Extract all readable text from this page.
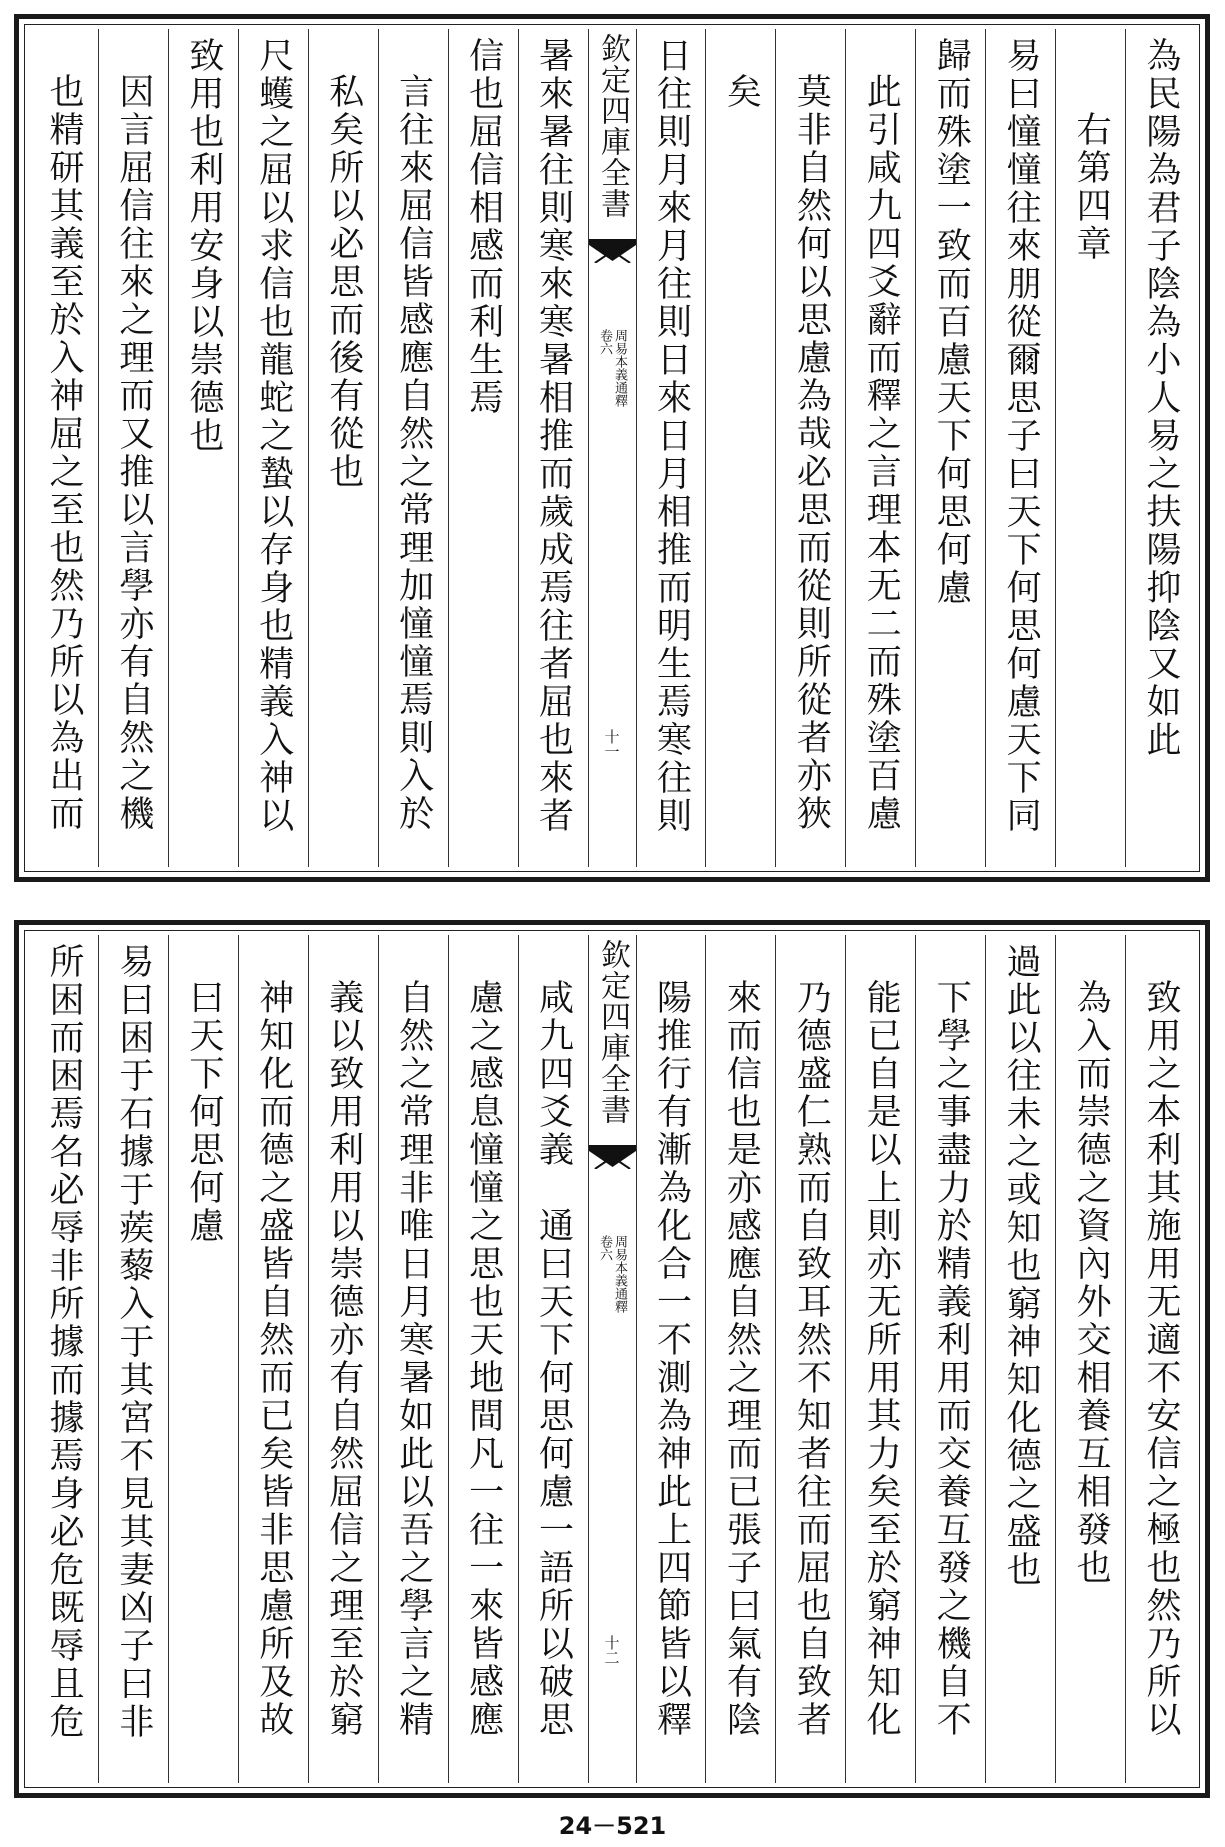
為民陽為君子陰為小人易之扶陽抑陰又如此
右第四章
易曰憧憧往來朋從爾思子曰天下何思何慮天下同
歸而殊塗一致而百慮天下何思何慮
此引咸九四爻辭而釋之言理本无二而殊塗百慮
莫非自然何以思慮為哉必思而從則所從者亦狹
矣
日往則月來月往則日來日月相推而明生焉寒往則
欽定四庫全書
卷六 周易本義通釋
十一
暑來暑往則寒來寒暑相推而歲成焉往者屈也來者
信也屈信相感而利生焉
言往來屈信皆感應自然之常理加憧憧焉則入於
私矣所以必思而後有從也
尺蠖之屈以求信也龍蛇之蟄以存身也精義入神以
致用也利用安身以崇德也
因言屈信往來之理而又推以言學亦有自然之機
也精研其義至於入神屈之至也然乃所以為出而
致用之本利其施用无適不安信之極也然乃所以
為入而崇德之資內外交相養互相發也
過此以往未之或知也窮神知化德之盛也
下學之事盡力於精義利用而交養互發之機自不
能已自是以上則亦无所用其力矣至於窮神知化
乃德盛仁熟而自致耳然不知者往而屈也自致者
來而信也是亦感應自然之理而已張子曰氣有陰
陽推行有漸為化合一不測為神此上四節皆以釋
欽定四庫全書
卷六 周易本義通釋
十二
咸九四爻義　通曰天下何思何慮一語所以破思
慮之感息憧憧之思也天地間凡一往一來皆感應
自然之常理非唯日月寒暑如此以吾之學言之精
義以致用利用以崇德亦有自然屈信之理至於窮
神知化而德之盛皆自然而已矣皆非思慮所及故
曰天下何思何慮
易曰困于石據于蒺藜入于其宮不見其妻凶子曰非
所困而困焉名必辱非所據而據焉身必危既辱且危
24－521
